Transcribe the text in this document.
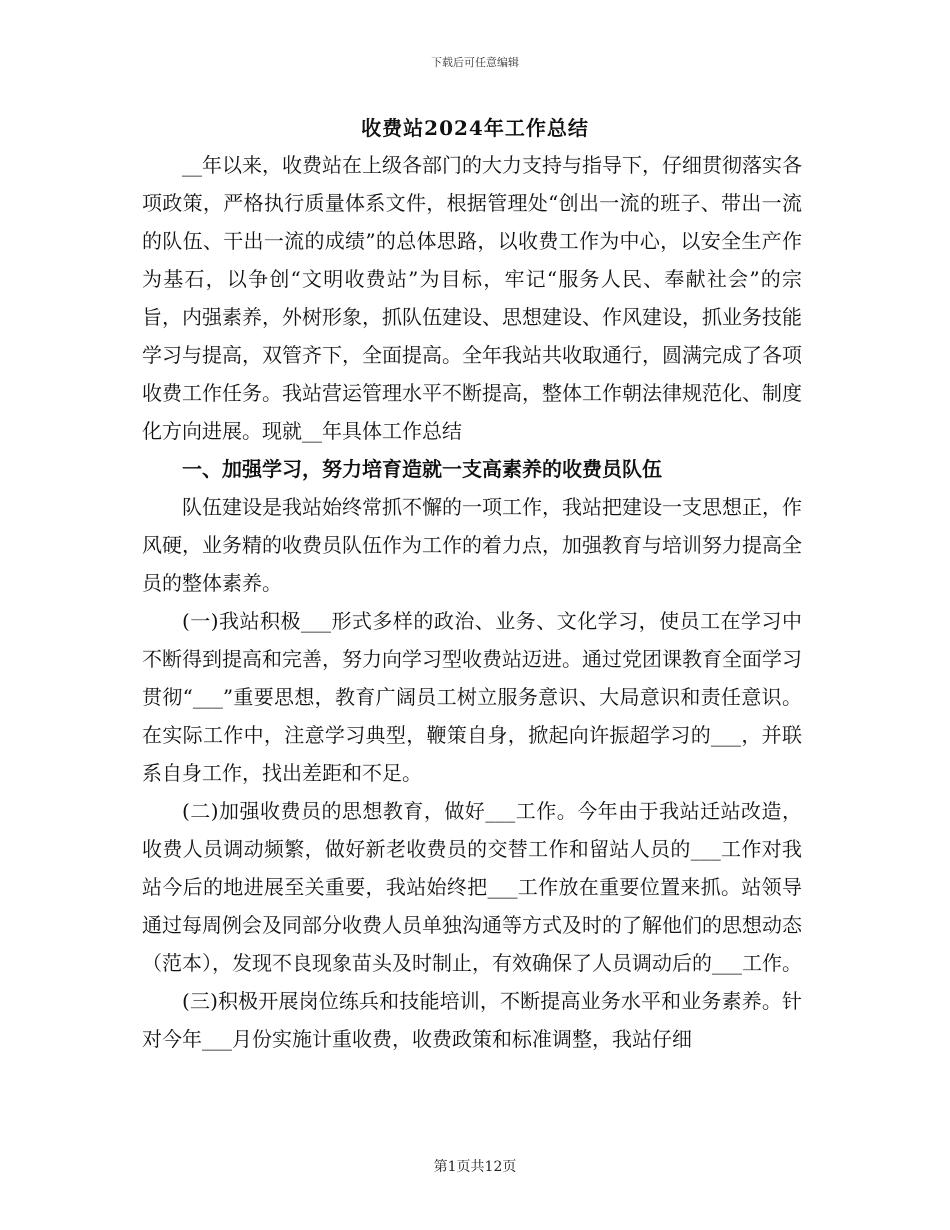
下载后可任意编辑
收费站2024年工作总结

__年以来，收费站在上级各部门的大力支持与指导下，仔细贯彻落实各项政策，严格执行质量体系文件，根据管理处“创出一流的班子、带出一流的队伍、干出一流的成绩”的总体思路，以收费工作为中心，以安全生产作为基石，以争创“文明收费站”为目标，牢记“服务人民、奉献社会”的宗旨，内强素养，外树形象，抓队伍建设、思想建设、作风建设，抓业务技能学习与提高，双管齐下，全面提高。全年我站共收取通行，圆满完成了各项收费工作任务。我站营运管理水平不断提高，整体工作朝法律规范化、制度化方向进展。现就__年具体工作总结

一、加强学习，努力培育造就一支高素养的收费员队伍

队伍建设是我站始终常抓不懈的一项工作，我站把建设一支思想正，作风硬，业务精的收费员队伍作为工作的着力点，加强教育与培训努力提高全员的整体素养。

(一)我站积极___形式多样的政治、业务、文化学习，使员工在学习中不断得到提高和完善，努力向学习型收费站迈进。通过党团课教育全面学习贯彻“___”重要思想，教育广阔员工树立服务意识、大局意识和责任意识。在实际工作中，注意学习典型，鞭策自身，掀起向许振超学习的___，并联系自身工作，找出差距和不足。

(二)加强收费员的思想教育，做好___工作。今年由于我站迁站改造，收费人员调动频繁，做好新老收费员的交替工作和留站人员的___工作对我站今后的地进展至关重要，我站始终把___工作放在重要位置来抓。站领导通过每周例会及同部分收费人员单独沟通等方式及时的了解他们的思想动态（范本），发现不良现象苗头及时制止，有效确保了人员调动后的___工作。

(三)积极开展岗位练兵和技能培训，不断提高业务水平和业务素养。针对今年___月份实施计重收费，收费政策和标准调整，我站仔细

第1页共12页
